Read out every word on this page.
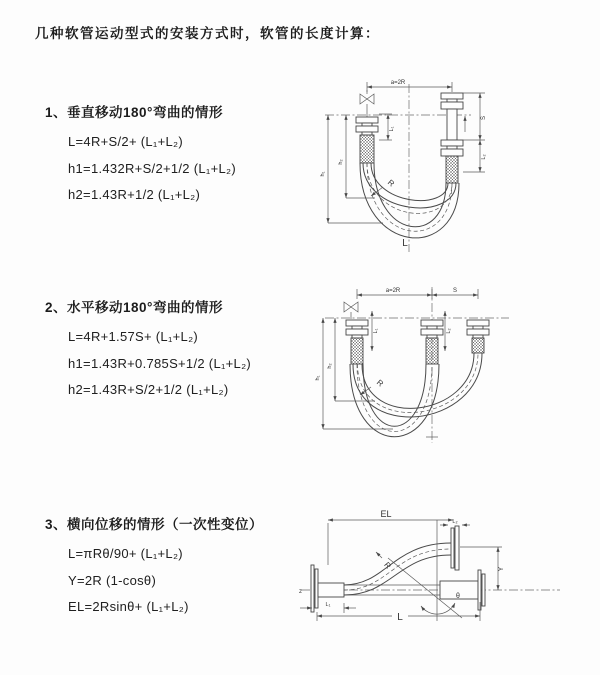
几种软管运动型式的安装方式时，软管的长度计算：
1、垂直移动180°弯曲的情形
L=4R+S/2+ (L₁+L₂)
h1=1.432R+S/2+1/2 (L₁+L₂)
h2=1.43R+1/2 (L₁+L₂)
2、水平移动180°弯曲的情形
L=4R+1.57S+ (L₁+L₂)
h1=1.43R+0.785S+1/2 (L₁+L₂)
h2=1.43R+S/2+1/2 (L₁+L₂)
3、横向位移的情形（一次性变位）
L=πRθ/90+ (L₁+L₂)
Y=2R (1-cosθ)
EL=2Rsinθ+ (L₁+L₂)
a=2R
L₁
S
L₂
h₁
h₂
R
L
a=2R	S
L₁	L₂
h₁
h₂
R
z
EL
L₂
Y
R
θ
L₁
L
